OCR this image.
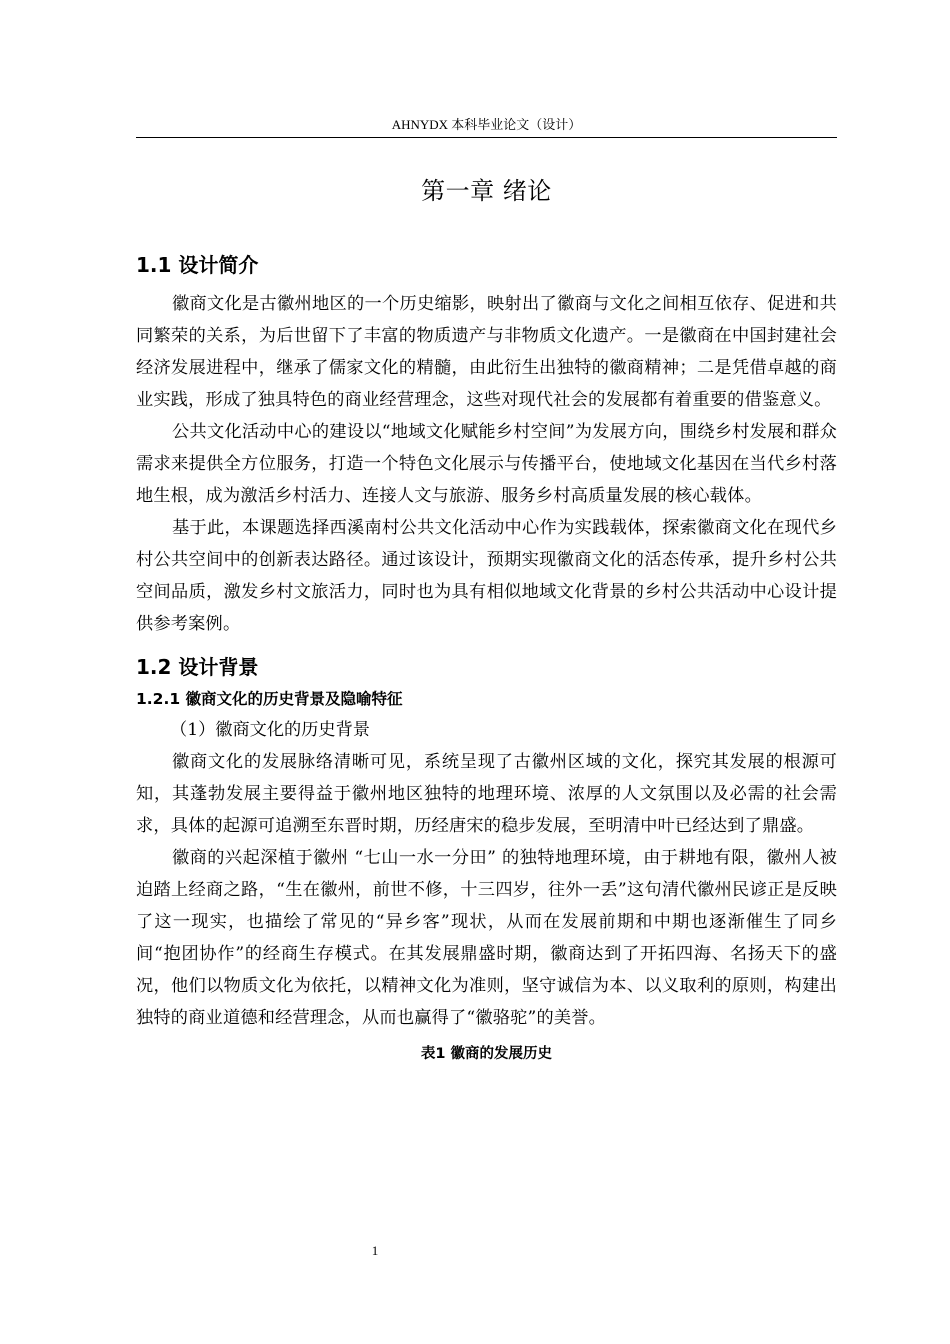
AHNYDX 本科毕业论文（设计）
第一章 绪论
1.1 设计简介

徽商文化是古徽州地区的一个历史缩影，映射出了徽商与文化之间相互依存、促进和共同繁荣的关系，为后世留下了丰富的物质遗产与非物质文化遗产。一是徽商在中国封建社会经济发展进程中，继承了儒家文化的精髓，由此衍生出独特的徽商精神；二是凭借卓越的商业实践，形成了独具特色的商业经营理念，这些对现代社会的发展都有着重要的借鉴意义。

公共文化活动中心的建设以“地域文化赋能乡村空间”为发展方向，围绕乡村发展和群众需求来提供全方位服务，打造一个特色文化展示与传播平台，使地域文化基因在当代乡村落地生根，成为激活乡村活力、连接人文与旅游、服务乡村高质量发展的核心载体。

基于此，本课题选择西溪南村公共文化活动中心作为实践载体，探索徽商文化在现代乡村公共空间中的创新表达路径。通过该设计，预期实现徽商文化的活态传承，提升乡村公共空间品质，激发乡村文旅活力，同时也为具有相似地域文化背景的乡村公共活动中心设计提供参考案例。

1.2 设计背景
1.2.1 徽商文化的历史背景及隐喻特征

（1）徽商文化的历史背景

徽商文化的发展脉络清晰可见，系统呈现了古徽州区域的文化，探究其发展的根源可知，其蓬勃发展主要得益于徽州地区独特的地理环境、浓厚的人文氛围以及必需的社会需求，具体的起源可追溯至东晋时期，历经唐宋的稳步发展，至明清中叶已经达到了鼎盛。

徽商的兴起深植于徽州 “七山一水一分田” 的独特地理环境，由于耕地有限，徽州人被迫踏上经商之路，“生在徽州，前世不修，十三四岁，往外一丢”这句清代徽州民谚正是反映了这一现实，也描绘了常见的“异乡客”现状，从而在发展前期和中期也逐渐催生了同乡间“抱团协作”的经商生存模式。在其发展鼎盛时期，徽商达到了开拓四海、名扬天下的盛况，他们以物质文化为依托，以精神文化为准则，坚守诚信为本、以义取利的原则，构建出独特的商业道德和经营理念，从而也赢得了“徽骆驼”的美誉。

表1 徽商的发展历史

1
